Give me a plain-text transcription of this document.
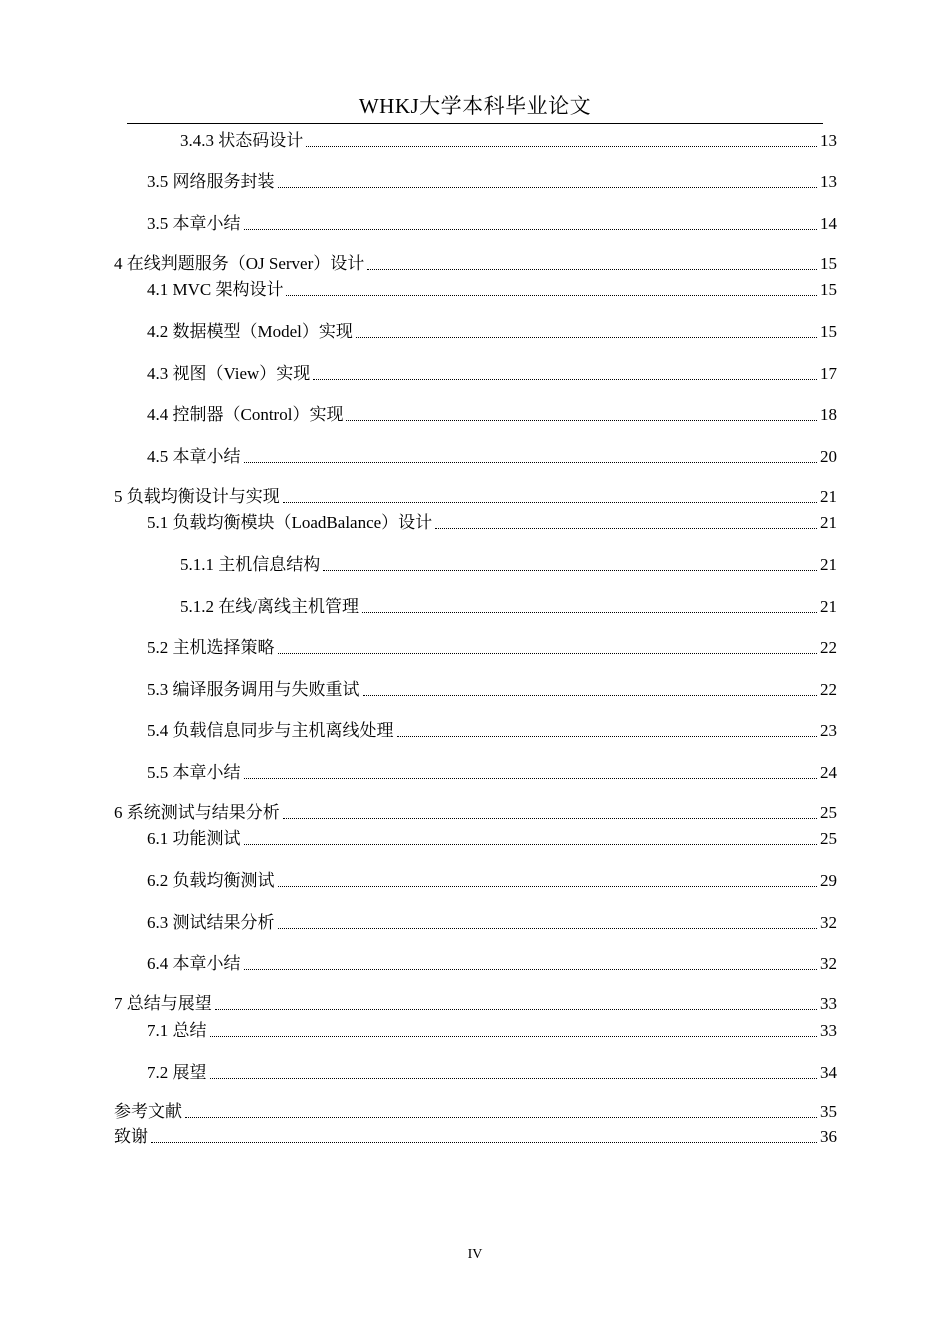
WHKJ大学本科毕业论文
3.4.3 状态码设计	13
3.5 网络服务封装	13
3.5 本章小结	14
4 在线判题服务（OJ Server）设计	15
4.1 MVC 架构设计	15
4.2 数据模型（Model）实现	15
4.3 视图（View）实现	17
4.4 控制器（Control）实现	18
4.5 本章小结	20
5 负载均衡设计与实现	21
5.1 负载均衡模块（LoadBalance）设计	21
5.1.1 主机信息结构	21
5.1.2 在线/离线主机管理	21
5.2 主机选择策略	22
5.3 编译服务调用与失败重试	22
5.4 负载信息同步与主机离线处理	23
5.5 本章小结	24
6 系统测试与结果分析	25
6.1 功能测试	25
6.2 负载均衡测试	29
6.3 测试结果分析	32
6.4 本章小结	32
7 总结与展望	33
7.1 总结	33
7.2 展望	34
参考文献	35
致谢	36
IV
